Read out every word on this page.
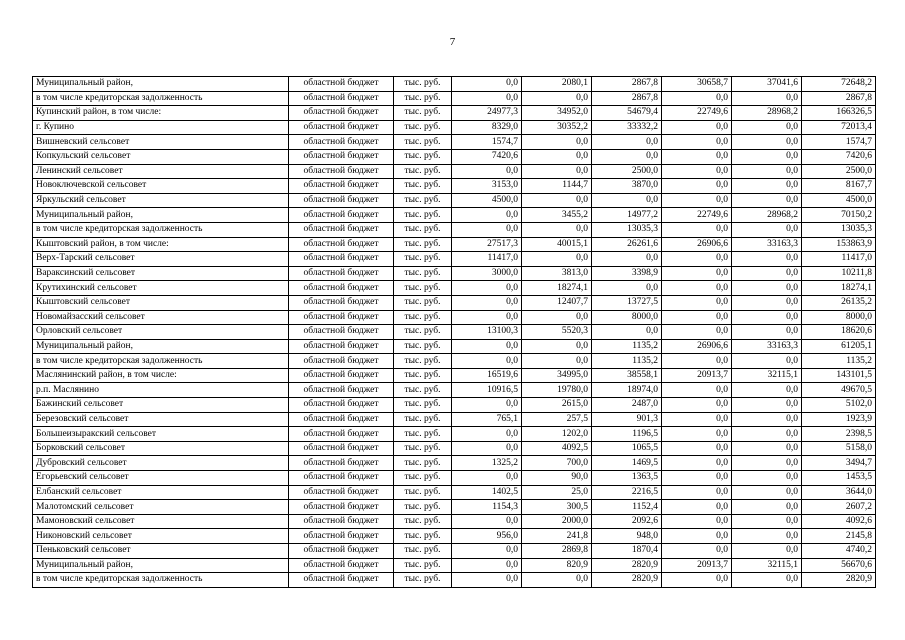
7
Муниципальный район,	областной бюджет	тыс. руб.	0,0	2080,1	2867,8	30658,7	37041,6	72648,2
в том числе кредиторская задолженность	областной бюджет	тыс. руб.	0,0	0,0	2867,8	0,0	0,0	2867,8
Купинский район, в том числе:	областной бюджет	тыс. руб.	24977,3	34952,0	54679,4	22749,6	28968,2	166326,5
г. Купино	областной бюджет	тыс. руб.	8329,0	30352,2	33332,2	0,0	0,0	72013,4
Вишневский сельсовет	областной бюджет	тыс. руб.	1574,7	0,0	0,0	0,0	0,0	1574,7
Копкульский сельсовет	областной бюджет	тыс. руб.	7420,6	0,0	0,0	0,0	0,0	7420,6
Ленинский сельсовет	областной бюджет	тыс. руб.	0,0	0,0	2500,0	0,0	0,0	2500,0
Новоключевской сельсовет	областной бюджет	тыс. руб.	3153,0	1144,7	3870,0	0,0	0,0	8167,7
Яркульский сельсовет	областной бюджет	тыс. руб.	4500,0	0,0	0,0	0,0	0,0	4500,0
Муниципальный район,	областной бюджет	тыс. руб.	0,0	3455,2	14977,2	22749,6	28968,2	70150,2
в том числе кредиторская задолженность	областной бюджет	тыс. руб.	0,0	0,0	13035,3	0,0	0,0	13035,3
Кыштовский район, в том числе:	областной бюджет	тыс. руб.	27517,3	40015,1	26261,6	26906,6	33163,3	153863,9
Верх-Тарский сельсовет	областной бюджет	тыс. руб.	11417,0	0,0	0,0	0,0	0,0	11417,0
Вараксинский сельсовет	областной бюджет	тыс. руб.	3000,0	3813,0	3398,9	0,0	0,0	10211,8
Крутихинский сельсовет	областной бюджет	тыс. руб.	0,0	18274,1	0,0	0,0	0,0	18274,1
Кыштовский сельсовет	областной бюджет	тыс. руб.	0,0	12407,7	13727,5	0,0	0,0	26135,2
Новомайзасский сельсовет	областной бюджет	тыс. руб.	0,0	0,0	8000,0	0,0	0,0	8000,0
Орловский сельсовет	областной бюджет	тыс. руб.	13100,3	5520,3	0,0	0,0	0,0	18620,6
Муниципальный район,	областной бюджет	тыс. руб.	0,0	0,0	1135,2	26906,6	33163,3	61205,1
в том числе кредиторская задолженность	областной бюджет	тыс. руб.	0,0	0,0	1135,2	0,0	0,0	1135,2
Маслянинский район, в том числе:	областной бюджет	тыс. руб.	16519,6	34995,0	38558,1	20913,7	32115,1	143101,5
р.п. Маслянино	областной бюджет	тыс. руб.	10916,5	19780,0	18974,0	0,0	0,0	49670,5
Бажинский сельсовет	областной бюджет	тыс. руб.	0,0	2615,0	2487,0	0,0	0,0	5102,0
Березовский сельсовет	областной бюджет	тыс. руб.	765,1	257,5	901,3	0,0	0,0	1923,9
Большеизыракский сельсовет	областной бюджет	тыс. руб.	0,0	1202,0	1196,5	0,0	0,0	2398,5
Борковский сельсовет	областной бюджет	тыс. руб.	0,0	4092,5	1065,5	0,0	0,0	5158,0
Дубровский сельсовет	областной бюджет	тыс. руб.	1325,2	700,0	1469,5	0,0	0,0	3494,7
Егорьевский сельсовет	областной бюджет	тыс. руб.	0,0	90,0	1363,5	0,0	0,0	1453,5
Елбанский сельсовет	областной бюджет	тыс. руб.	1402,5	25,0	2216,5	0,0	0,0	3644,0
Малотомский сельсовет	областной бюджет	тыс. руб.	1154,3	300,5	1152,4	0,0	0,0	2607,2
Мамоновский сельсовет	областной бюджет	тыс. руб.	0,0	2000,0	2092,6	0,0	0,0	4092,6
Никоновский сельсовет	областной бюджет	тыс. руб.	956,0	241,8	948,0	0,0	0,0	2145,8
Пеньковский сельсовет	областной бюджет	тыс. руб.	0,0	2869,8	1870,4	0,0	0,0	4740,2
Муниципальный район,	областной бюджет	тыс. руб.	0,0	820,9	2820,9	20913,7	32115,1	56670,6
в том числе кредиторская задолженность	областной бюджет	тыс. руб.	0,0	0,0	2820,9	0,0	0,0	2820,9
